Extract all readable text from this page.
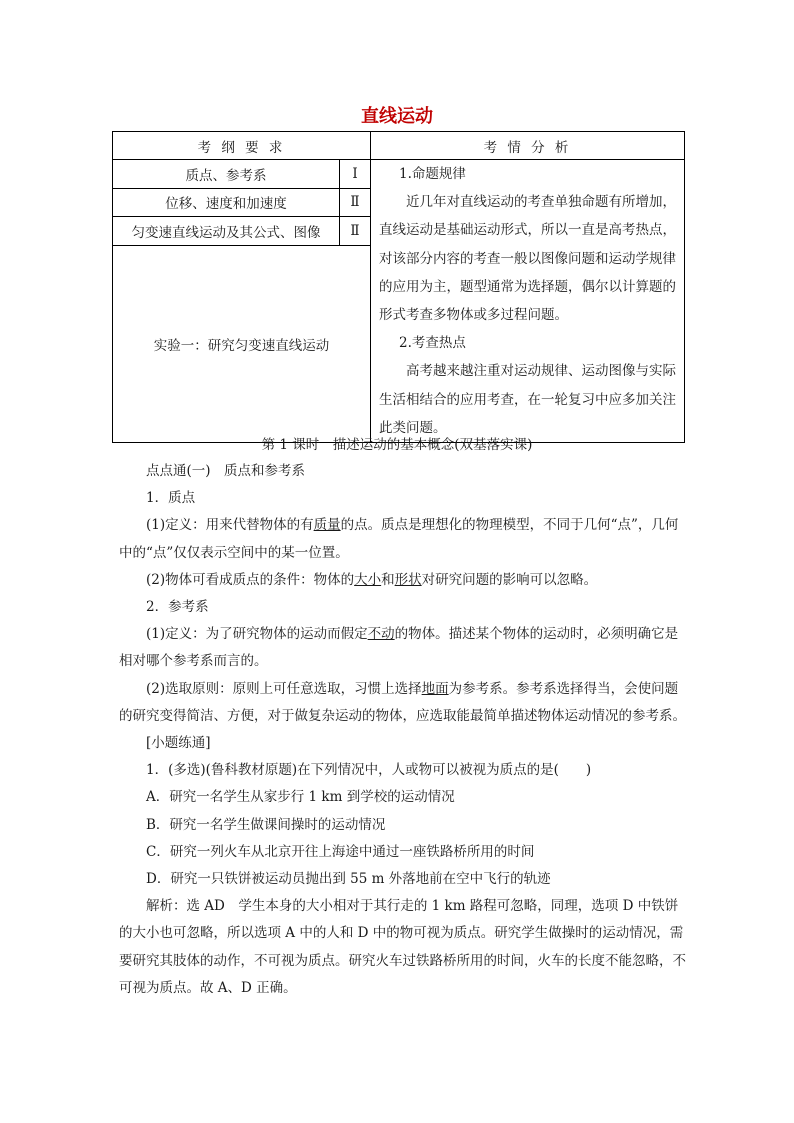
直线运动
考 纲 要 求		考 情 分 析
质点、参考系	Ⅰ	1.命题规律

近几年对直线运动的考查单独命题有所增加，直线运动是基础运动形式，所以一直是高考热点，对该部分内容的考查一般以图像问题和运动学规律的应用为主，题型通常为选择题，偶尔以计算题的形式考查多物体或多过程问题。

2.考查热点

高考越来越注重对运动规律、运动图像与实际生活相结合的应用考查，在一轮复习中应多加关注此类问题。

位移、速度和加速度	Ⅱ	
匀变速直线运动及其公式、图像	Ⅱ	
实验一：研究匀变速直线运动		
第 1 课时　描述运动的基本概念(双基落实课)

点点通(一)　质点和参考系

1．质点

(1)定义：用来代替物体的有质量的点。质点是理想化的物理模型，不同于几何“点”，几何中的“点”仅仅表示空间中的某一位置。

(2)物体可看成质点的条件：物体的大小和形状对研究问题的影响可以忽略。

2．参考系

(1)定义：为了研究物体的运动而假定不动的物体。描述某个物体的运动时，必须明确它是相对哪个参考系而言的。

(2)选取原则：原则上可任意选取，习惯上选择地面为参考系。参考系选择得当，会使问题的研究变得简洁、方便，对于做复杂运动的物体，应选取能最简单描述物体运动情况的参考系。

[小题练通]

1．(多选)(鲁科教材原题)在下列情况中，人或物可以被视为质点的是(　　)

A．研究一名学生从家步行 1 km 到学校的运动情况

B．研究一名学生做课间操时的运动情况

C．研究一列火车从北京开往上海途中通过一座铁路桥所用的时间

D．研究一只铁饼被运动员抛出到 55 m 外落地前在空中飞行的轨迹

解析：选 AD　学生本身的大小相对于其行走的 1 km 路程可忽略，同理，选项 D 中铁饼的大小也可忽略，所以选项 A 中的人和 D 中的物可视为质点。研究学生做操时的运动情况，需要研究其肢体的动作，不可视为质点。研究火车过铁路桥所用的时间，火车的长度不能忽略，不可视为质点。故 A、D 正确。
